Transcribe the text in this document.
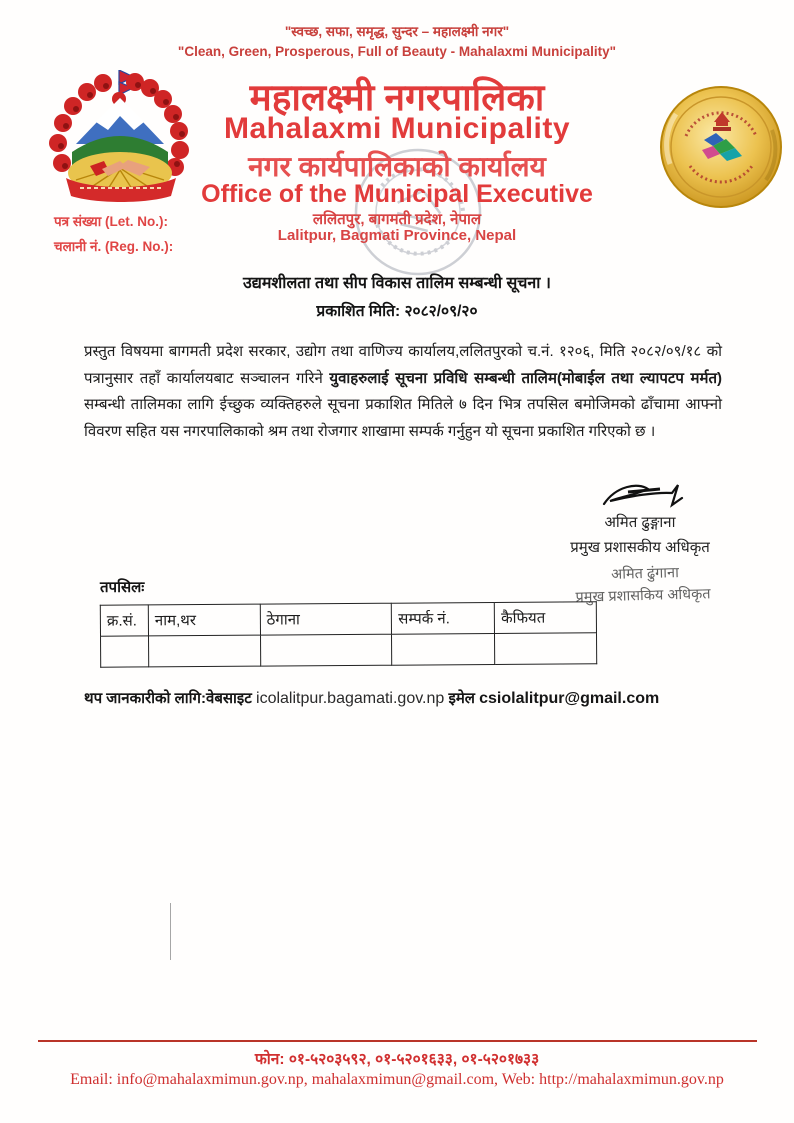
"स्वच्छ, सफा, समृद्ध, सुन्दर – महालक्ष्मी नगर"
"Clean, Green, Prosperous, Full of Beauty - Mahalaxmi Municipality"
महालक्ष्मी नगरपालिका
Mahalaxmi Municipality
नगर कार्यपालिकाको कार्यालय
Office of the Municipal Executive
ललितपुर, बागमती प्रदेश, नेपाल
Lalitpur, Bagmati Province, Nepal
पत्र संख्या (Let. No.):
चलानी नं. (Reg. No.):
उद्यमशीलता तथा सीप विकास तालिम सम्बन्धी सूचना ।
प्रकाशित मिति: २०८२/०९/२०
प्रस्तुत विषयमा बागमती प्रदेश सरकार, उद्योग तथा वाणिज्य कार्यालय,ललितपुरको च.नं. १२०६, मिति २०८२/०९/१८ को पत्रानुसार तहाँ कार्यालयबाट सञ्चालन गरिने युवाहरुलाई सूचना प्रविधि सम्बन्धी तालिम(मोबाईल तथा ल्यापटप मर्मत) सम्बन्धी तालिमका लागि ईच्छुक व्यक्तिहरुले सूचना प्रकाशित मितिले ७ दिन भित्र तपसिल बमोजिमको ढाँचामा आफ्नो विवरण सहित यस नगरपालिकाको श्रम तथा रोजगार शाखामा सम्पर्क गर्नुहुन यो सूचना प्रकाशित गरिएको छ ।
अमित ढुङ्गाना
प्रमुख प्रशासकीय अधिकृत
अमित ढुंगाना
प्रमुख प्रशासकिय अधिकृत
तपसिलः
क्र.सं.	नाम,थर	ठेगाना	सम्पर्क नं.	कैफियत

थप जानकारीको लागि:वेबसाइट icolalitpur.bagamati.gov.np इमेल csiolalitpur@gmail.com
फोन: ०१-५२०३५९२, ०१-५२०१६३३, ०१-५२०१७३३
Email: info@mahalaxmimun.gov.np, mahalaxmimun@gmail.com, Web: http://mahalaxmimun.gov.np
